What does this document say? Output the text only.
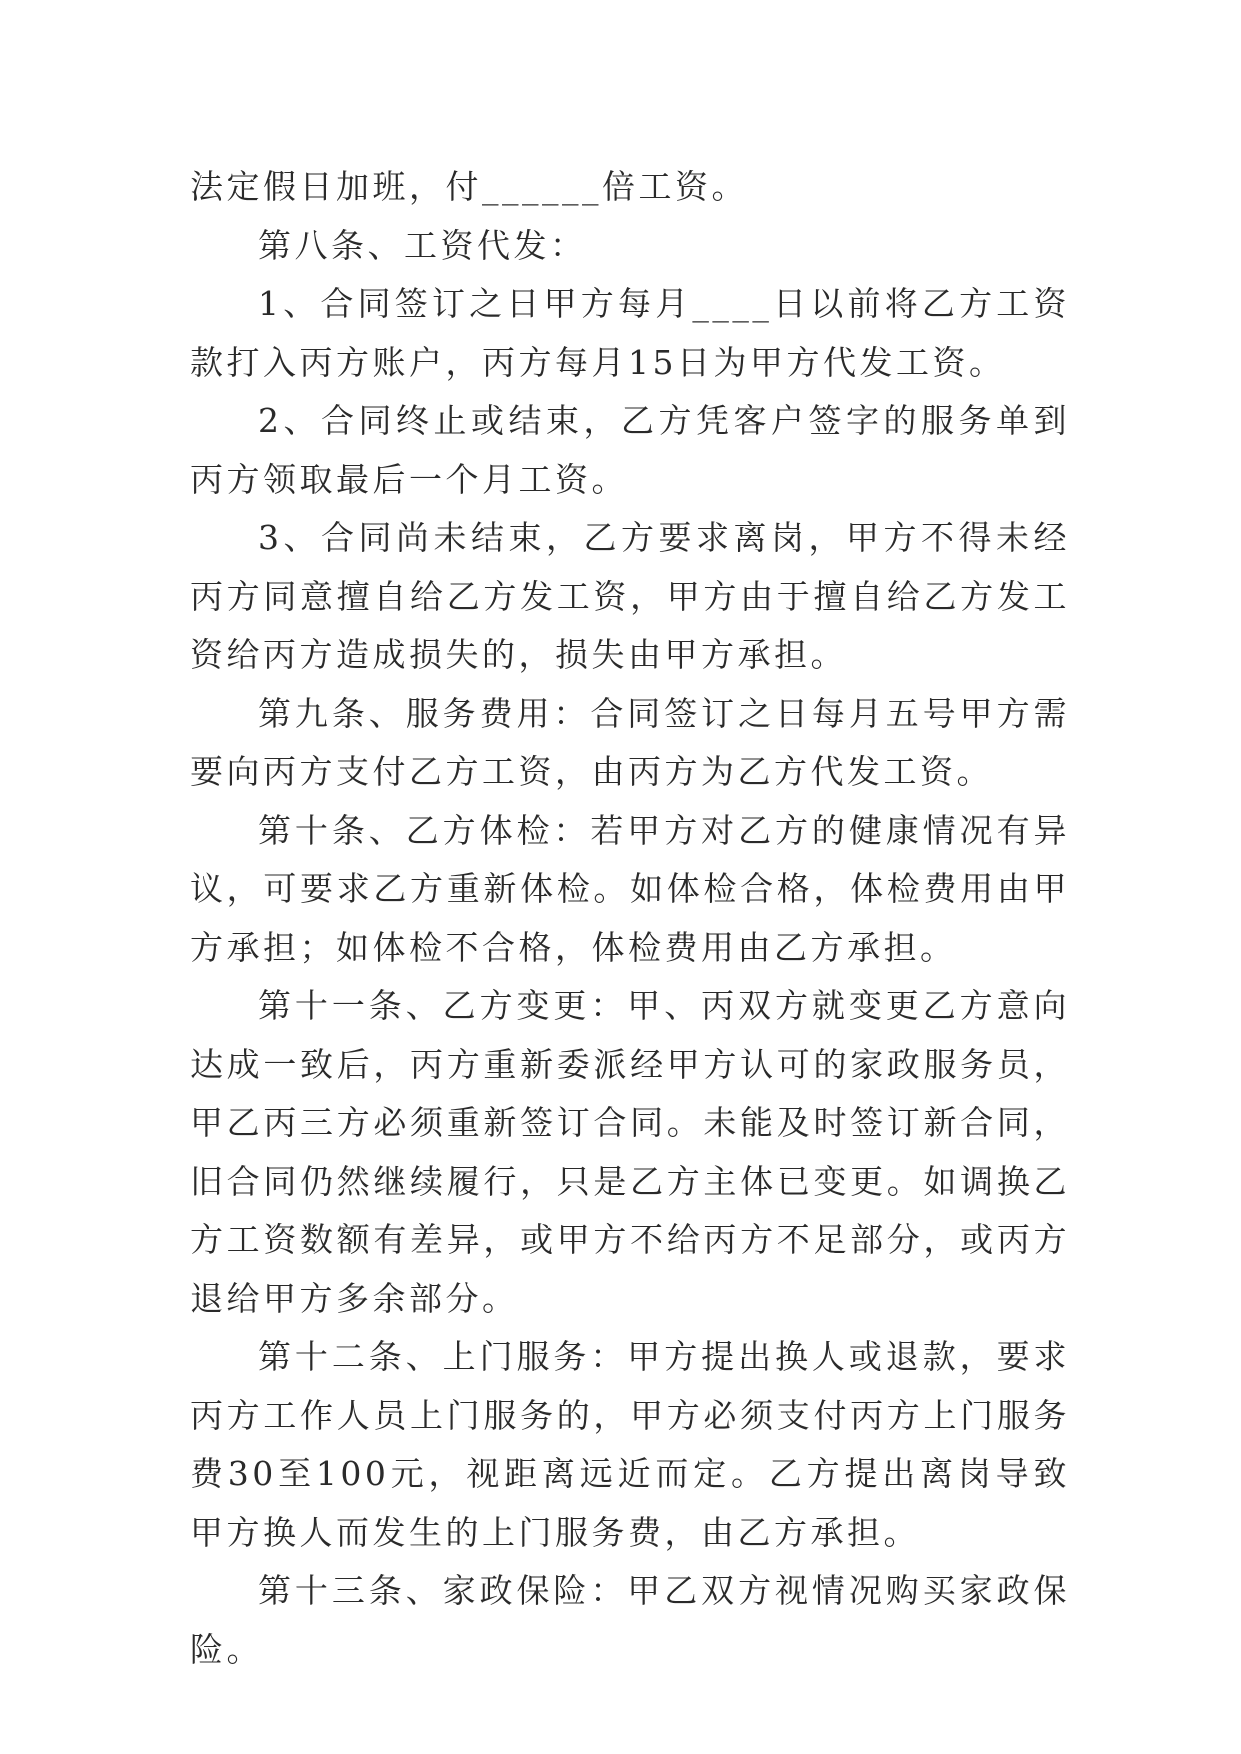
法定假日加班，付______倍工资。

第八条、工资代发：

1、合同签订之日甲方每月____日以前将乙方工资款打入丙方账户，丙方每月15日为甲方代发工资。

2、合同终止或结束，乙方凭客户签字的服务单到丙方领取最后一个月工资。

3、合同尚未结束，乙方要求离岗，甲方不得未经丙方同意擅自给乙方发工资，甲方由于擅自给乙方发工资给丙方造成损失的，损失由甲方承担。

第九条、服务费用：合同签订之日每月五号甲方需要向丙方支付乙方工资，由丙方为乙方代发工资。

第十条、乙方体检：若甲方对乙方的健康情况有异议，可要求乙方重新体检。如体检合格，体检费用由甲方承担；如体检不合格，体检费用由乙方承担。

第十一条、乙方变更：甲、丙双方就变更乙方意向达成一致后，丙方重新委派经甲方认可的家政服务员，甲乙丙三方必须重新签订合同。未能及时签订新合同，旧合同仍然继续履行，只是乙方主体已变更。如调换乙方工资数额有差异，或甲方不给丙方不足部分，或丙方退给甲方多余部分。

第十二条、上门服务：甲方提出换人或退款，要求丙方工作人员上门服务的，甲方必须支付丙方上门服务费30至100元，视距离远近而定。乙方提出离岗导致甲方换人而发生的上门服务费，由乙方承担。

第十三条、家政保险：甲乙双方视情况购买家政保险。
